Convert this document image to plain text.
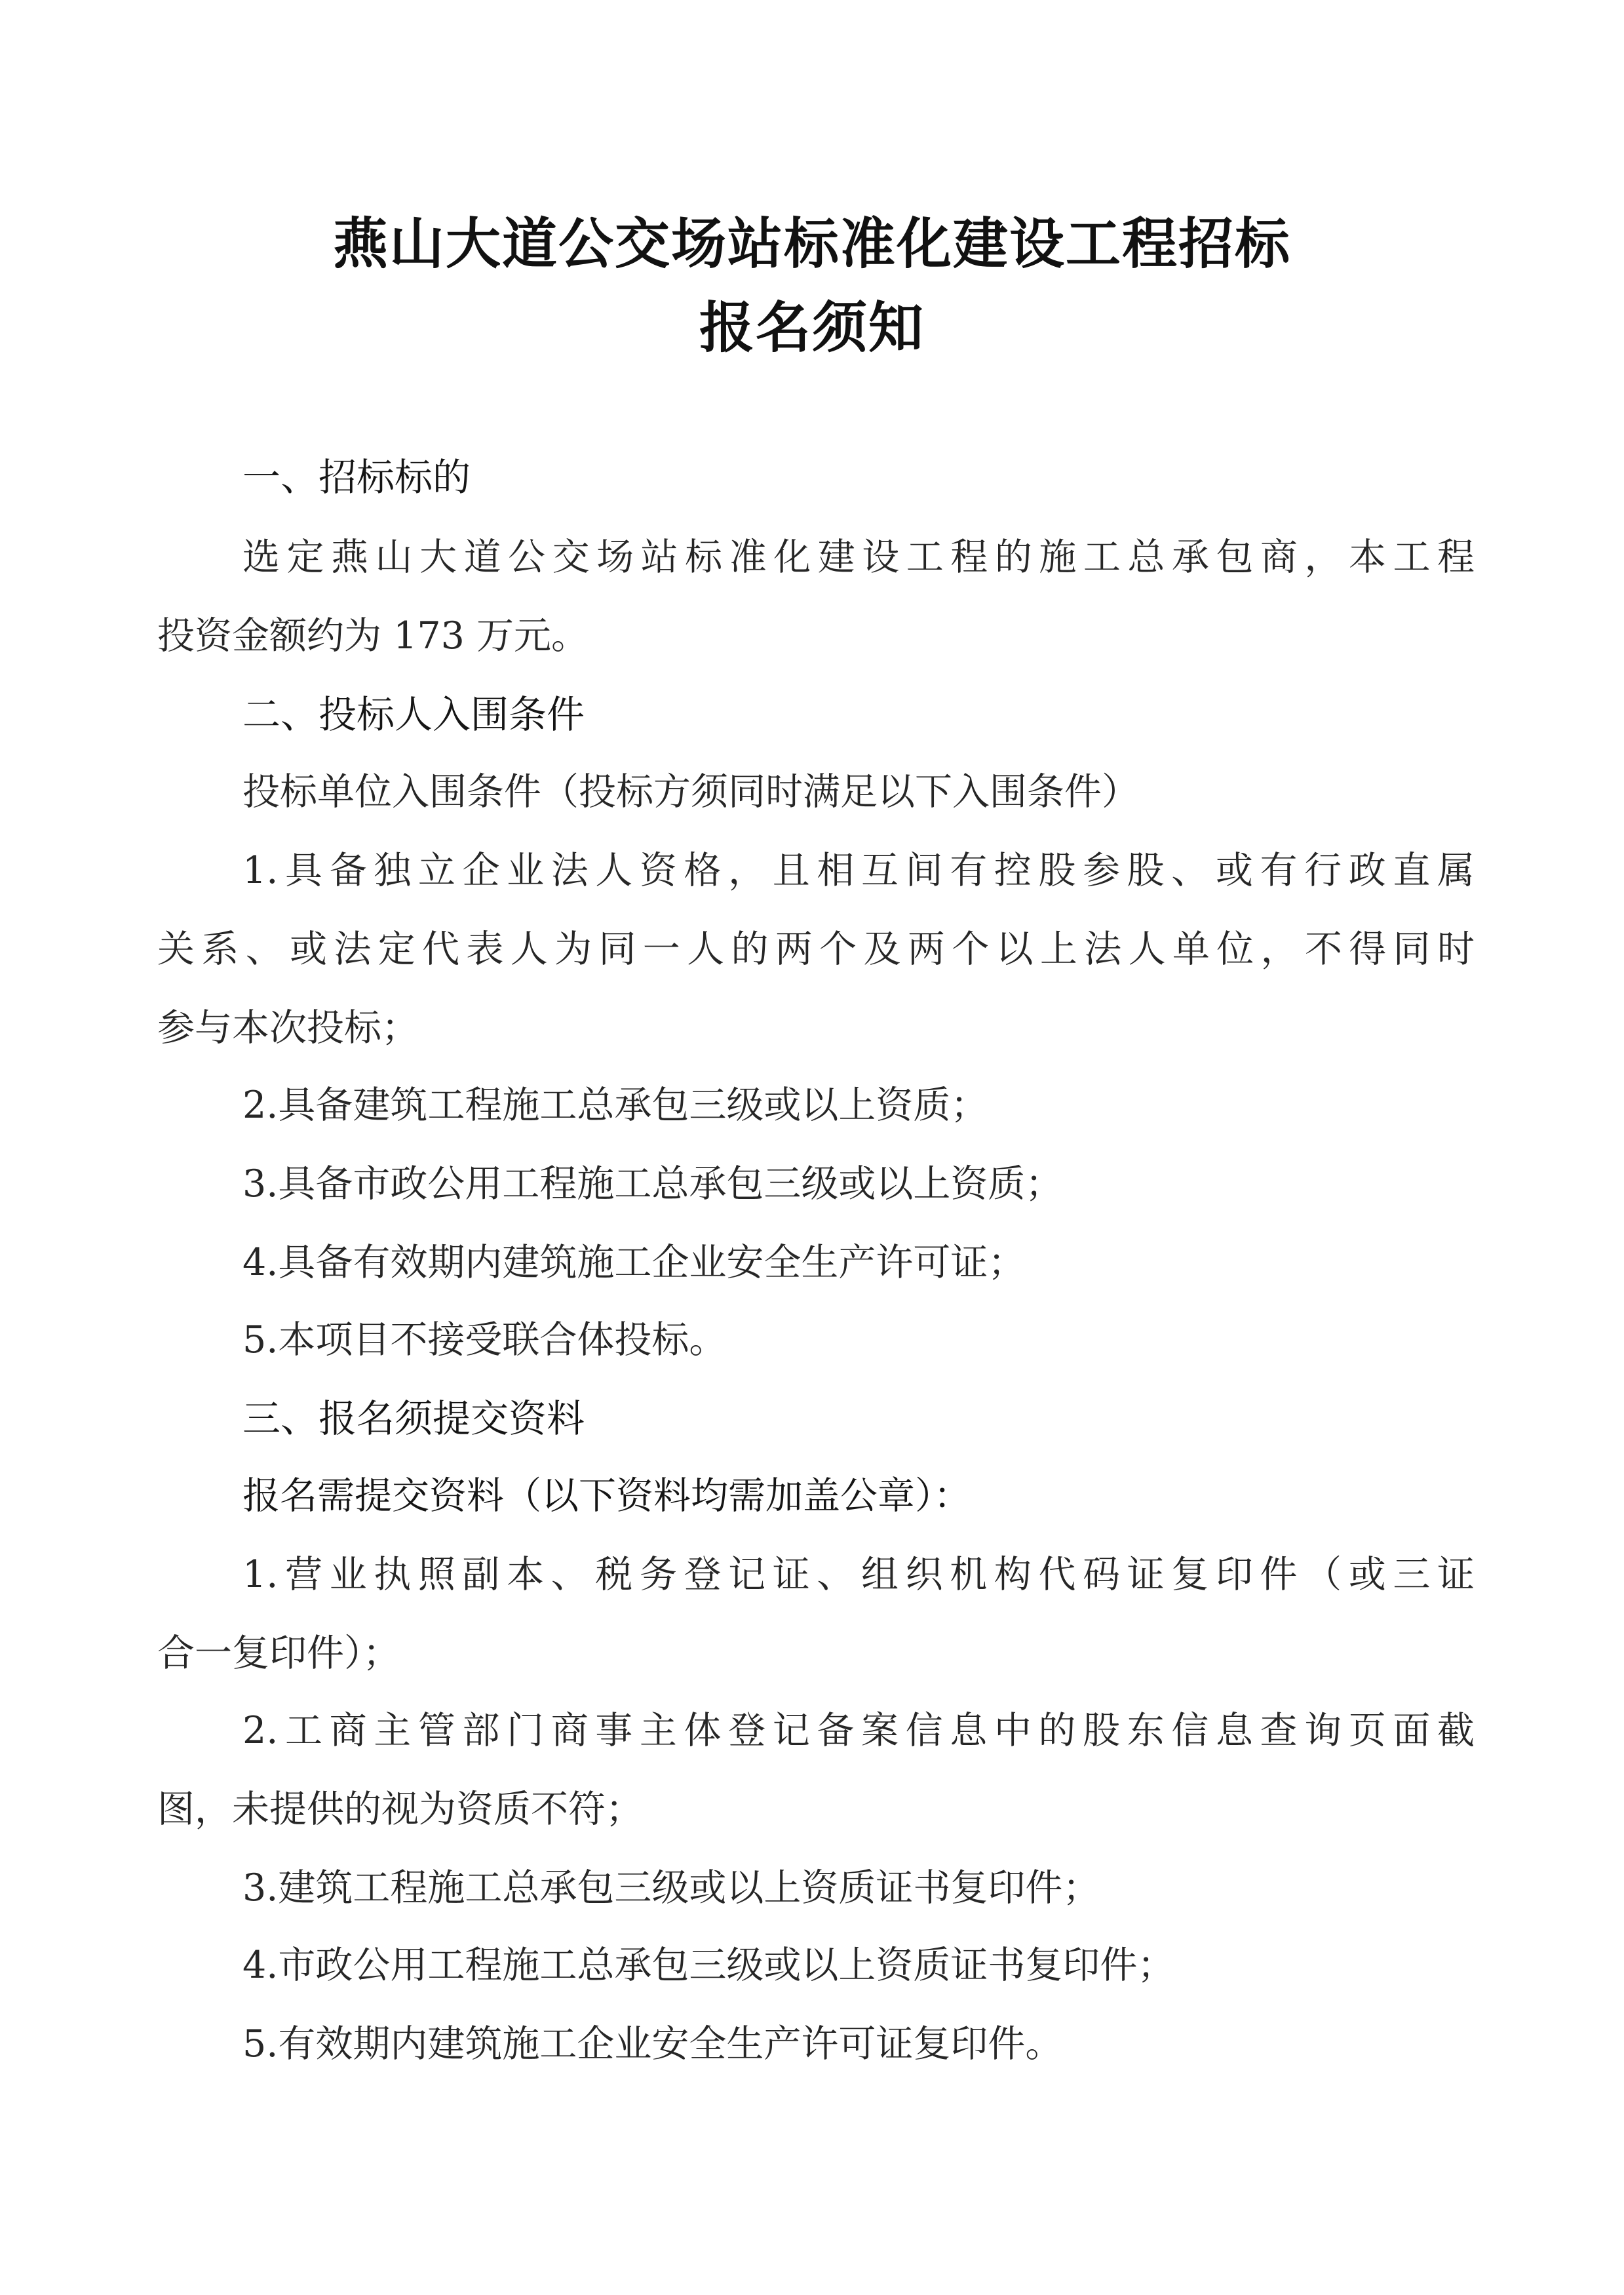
燕山大道公交场站标准化建设工程招标
报名须知

一、招标标的

选定燕山大道公交场站标准化建设工程的施工总承包商，本工程

投资金额约为 173 万元。

二、投标人入围条件

投标单位入围条件（投标方须同时满足以下入围条件）

1.具备独立企业法人资格，且相互间有控股参股、或有行政直属

关系、或法定代表人为同一人的两个及两个以上法人单位，不得同时

参与本次投标；

2.具备建筑工程施工总承包三级或以上资质；

3.具备市政公用工程施工总承包三级或以上资质；

4.具备有效期内建筑施工企业安全生产许可证；

5.本项目不接受联合体投标。

三、报名须提交资料

报名需提交资料（以下资料均需加盖公章）：

1.营业执照副本、税务登记证、组织机构代码证复印件（或三证

合一复印件）；

2.工商主管部门商事主体登记备案信息中的股东信息查询页面截

图，未提供的视为资质不符；

3.建筑工程施工总承包三级或以上资质证书复印件；

4.市政公用工程施工总承包三级或以上资质证书复印件；

5.有效期内建筑施工企业安全生产许可证复印件。
